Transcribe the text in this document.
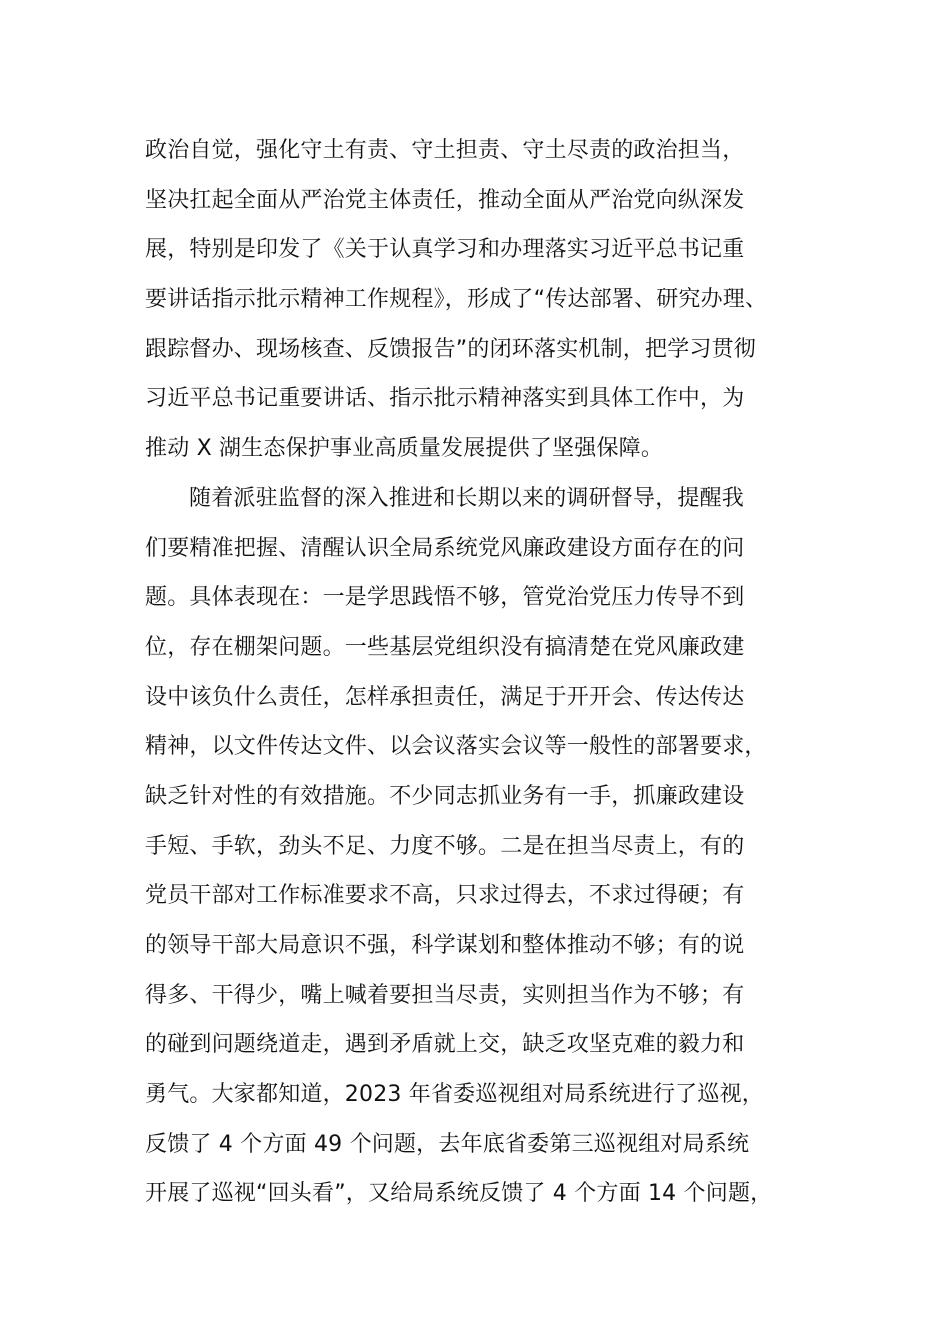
政治自觉，强化守土有责、守土担责、守土尽责的政治担当，
坚决扛起全面从严治党主体责任，推动全面从严治党向纵深发
展，特别是印发了《关于认真学习和办理落实习近平总书记重
要讲话指示批示精神工作规程》，形成了“传达部署、研究办理、
跟踪督办、现场核查、反馈报告”的闭环落实机制，把学习贯彻
习近平总书记重要讲话、指示批示精神落实到具体工作中，为
推动 X 湖生态保护事业高质量发展提供了坚强保障。
随着派驻监督的深入推进和长期以来的调研督导，提醒我
们要精准把握、清醒认识全局系统党风廉政建设方面存在的问
题。具体表现在：一是学思践悟不够，管党治党压力传导不到
位，存在棚架问题。一些基层党组织没有搞清楚在党风廉政建
设中该负什么责任，怎样承担责任，满足于开开会、传达传达
精神，以文件传达文件、以会议落实会议等一般性的部署要求，
缺乏针对性的有效措施。不少同志抓业务有一手，抓廉政建设
手短、手软，劲头不足、力度不够。二是在担当尽责上，有的
党员干部对工作标准要求不高，只求过得去，不求过得硬；有
的领导干部大局意识不强，科学谋划和整体推动不够；有的说
得多、干得少，嘴上喊着要担当尽责，实则担当作为不够；有
的碰到问题绕道走，遇到矛盾就上交，缺乏攻坚克难的毅力和
勇气。大家都知道，2023 年省委巡视组对局系统进行了巡视，
反馈了 4 个方面 49 个问题，去年底省委第三巡视组对局系统
开展了巡视“回头看”，又给局系统反馈了 4 个方面 14 个问题，
